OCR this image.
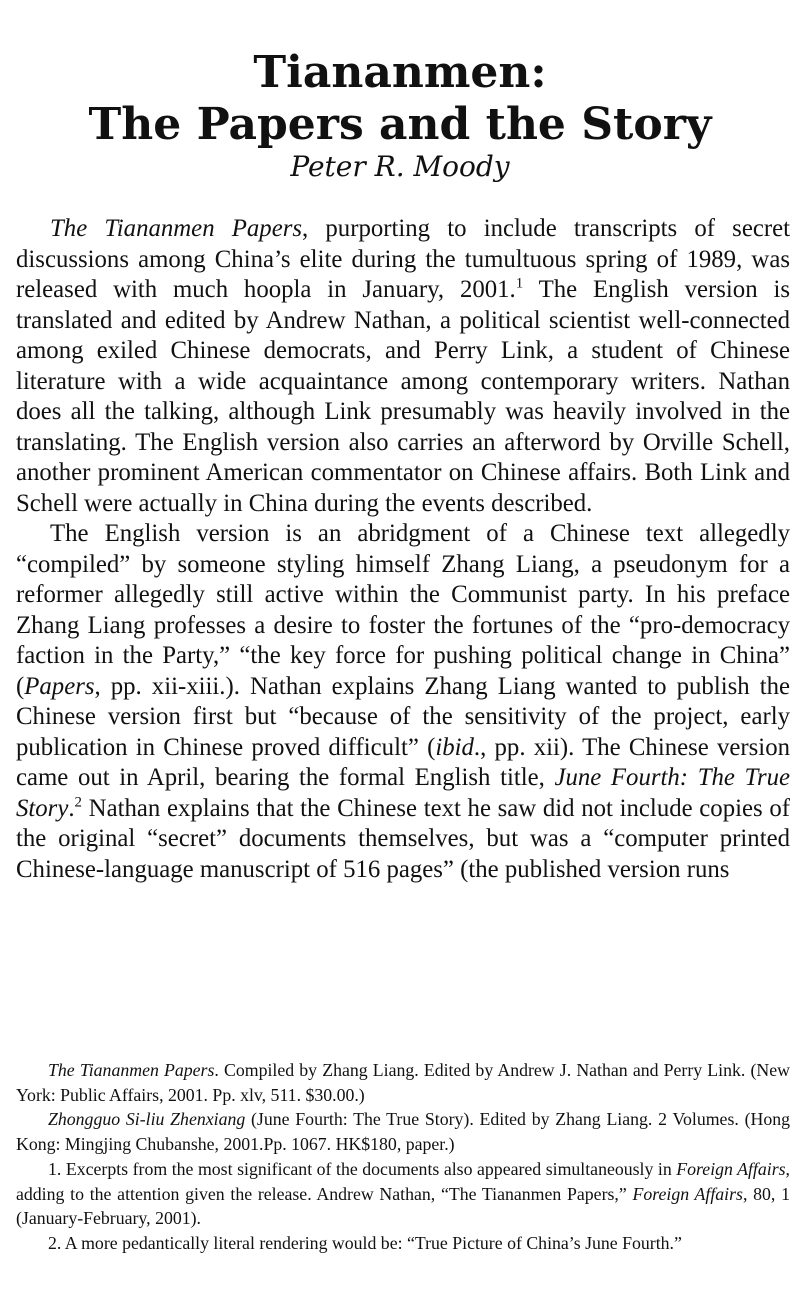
Tiananmen:
The Papers and the Story
Peter R. Moody

The Tiananmen Papers, purporting to include transcripts of secret discussions among China’s elite during the tumultuous spring of 1989, was released with much hoopla in January, 2001.$^1$ The English version is translated and edited by Andrew Nathan, a political scientist well-connected among exiled Chinese democrats, and Perry Link, a student of Chinese literature with a wide acquaintance among contemporary writers. Nathan does all the talking, although Link presumably was heavily involved in the translating. The English version also carries an afterword by Orville Schell, another prominent American commentator on Chinese affairs. Both Link and Schell were actually in China during the events described.

The English version is an abridgment of a Chinese text allegedly “compiled” by someone styling himself Zhang Liang, a pseudonym for a reformer allegedly still active within the Communist party. In his preface Zhang Liang professes a desire to foster the fortunes of the “pro-democracy faction in the Party,” “the key force for pushing political change in China” (Papers, pp. xii-xiii.). Nathan explains Zhang Liang wanted to publish the Chinese version first but “because of the sensitivity of the project, early publication in Chinese proved difficult” (ibid., pp. xii). The Chinese version came out in April, bearing the formal English title, June Fourth: The True Story.$^2$ Nathan explains that the Chinese text he saw did not include copies of the original “secret” documents themselves, but was a “computer printed Chinese-language manuscript of 516 pages” (the published version runs

The Tiananmen Papers. Compiled by Zhang Liang. Edited by Andrew J. Nathan and Perry Link. (New York: Public Affairs, 2001. Pp. xlv, 511. $30.00.)

Zhongguo Si-liu Zhenxiang (June Fourth: The True Story). Edited by Zhang Liang. 2 Volumes. (Hong Kong: Mingjing Chubanshe, 2001.Pp. 1067. HK$180, paper.)

1. Excerpts from the most significant of the documents also appeared simultaneously in Foreign Affairs, adding to the attention given the release. Andrew Nathan, “The Tiananmen Papers,” Foreign Affairs, 80, 1 (January-February, 2001).

2. A more pedantically literal rendering would be: “True Picture of China’s June Fourth.”
